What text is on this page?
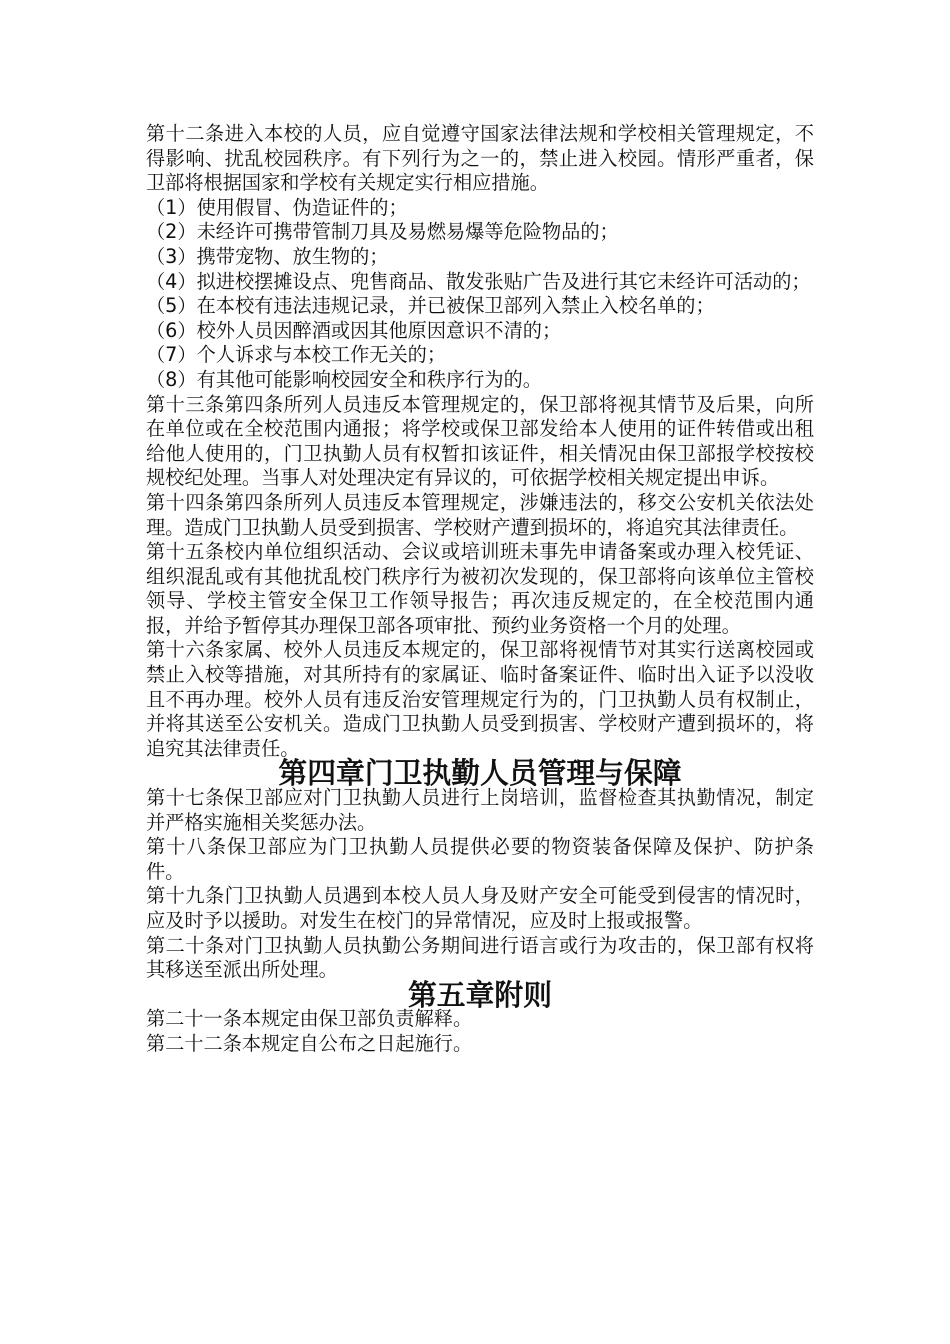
第十二条进入本校的人员，应自觉遵守国家法律法规和学校相关管理规定，不得影响、扰乱校园秩序。有下列行为之一的，禁止进入校园。情形严重者，保卫部将根据国家和学校有关规定实行相应措施。

（1）使用假冒、伪造证件的；

（2）未经许可携带管制刀具及易燃易爆等危险物品的；

（3）携带宠物、放生物的；

（4）拟进校摆摊设点、兜售商品、散发张贴广告及进行其它未经许可活动的；

（5）在本校有违法违规记录，并已被保卫部列入禁止入校名单的；

（6）校外人员因醉酒或因其他原因意识不清的；

（7）个人诉求与本校工作无关的；

（8）有其他可能影响校园安全和秩序行为的。

第十三条第四条所列人员违反本管理规定的，保卫部将视其情节及后果，向所在单位或在全校范围内通报；将学校或保卫部发给本人使用的证件转借或出租给他人使用的，门卫执勤人员有权暂扣该证件，相关情况由保卫部报学校按校规校纪处理。当事人对处理决定有异议的，可依据学校相关规定提出申诉。

第十四条第四条所列人员违反本管理规定，涉嫌违法的，移交公安机关依法处理。造成门卫执勤人员受到损害、学校财产遭到损坏的，将追究其法律责任。

第十五条校内单位组织活动、会议或培训班未事先申请备案或办理入校凭证、组织混乱或有其他扰乱校门秩序行为被初次发现的，保卫部将向该单位主管校领导、学校主管安全保卫工作领导报告；再次违反规定的，在全校范围内通报，并给予暂停其办理保卫部各项审批、预约业务资格一个月的处理。

第十六条家属、校外人员违反本规定的，保卫部将视情节对其实行送离校园或禁止入校等措施，对其所持有的家属证、临时备案证件、临时出入证予以没收且不再办理。校外人员有违反治安管理规定行为的，门卫执勤人员有权制止，并将其送至公安机关。造成门卫执勤人员受到损害、学校财产遭到损坏的，将追究其法律责任。

第四章门卫执勤人员管理与保障

第十七条保卫部应对门卫执勤人员进行上岗培训，监督检查其执勤情况，制定并严格实施相关奖惩办法。

第十八条保卫部应为门卫执勤人员提供必要的物资装备保障及保护、防护条件。

第十九条门卫执勤人员遇到本校人员人身及财产安全可能受到侵害的情况时，应及时予以援助。对发生在校门的异常情况，应及时上报或报警。

第二十条对门卫执勤人员执勤公务期间进行语言或行为攻击的，保卫部有权将其移送至派出所处理。

第五章附则

第二十一条本规定由保卫部负责解释。

第二十二条本规定自公布之日起施行。
